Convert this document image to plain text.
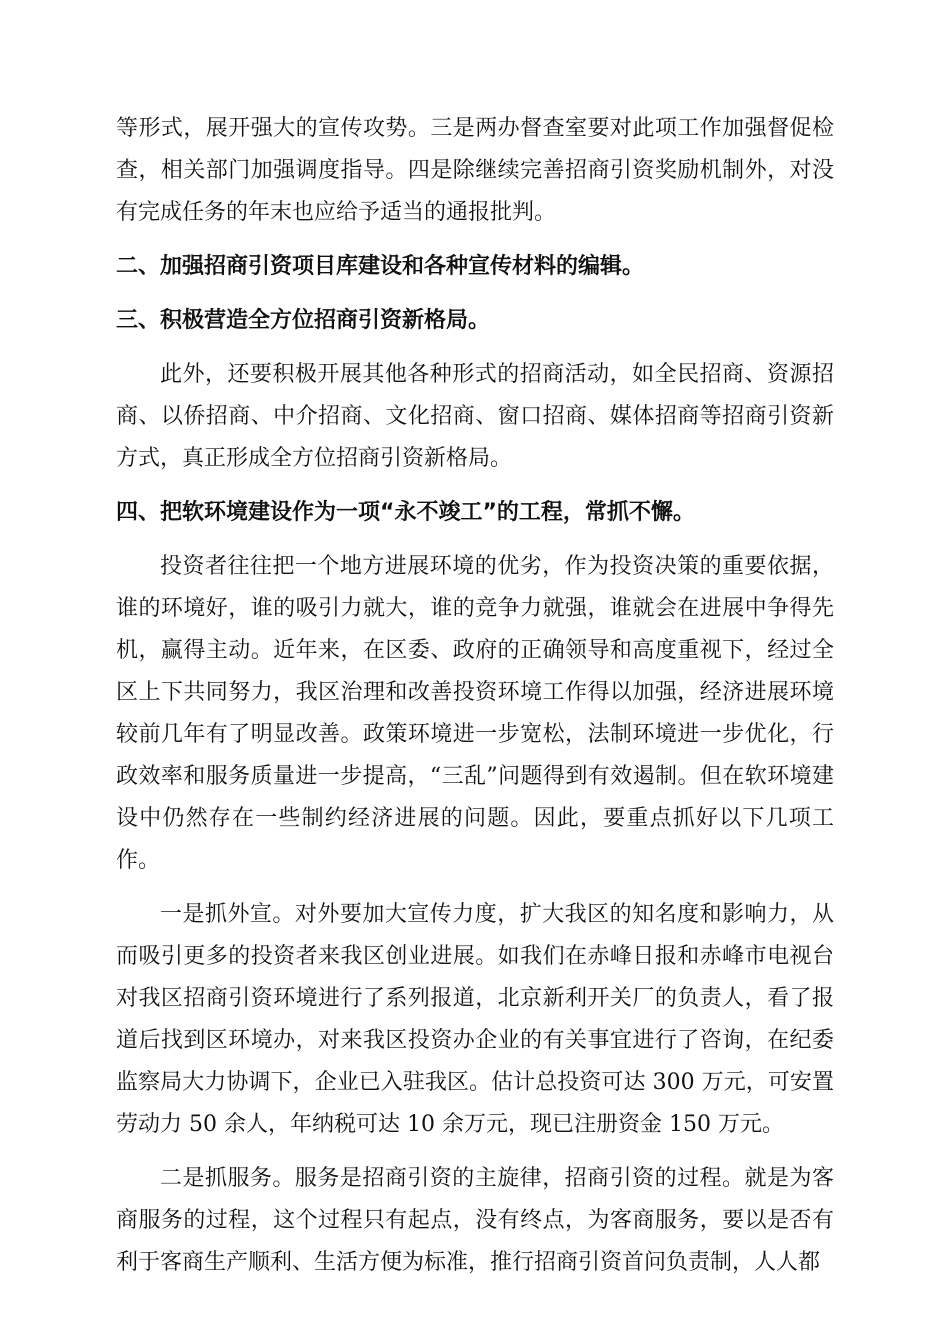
等形式，展开强大的宣传攻势。三是两办督查室要对此项工作加强督促检查，相关部门加强调度指导。四是除继续完善招商引资奖励机制外，对没有完成任务的年末也应给予适当的通报批判。

二、加强招商引资项目库建设和各种宣传材料的编辑。

三、积极营造全方位招商引资新格局。

此外，还要积极开展其他各种形式的招商活动，如全民招商、资源招商、以侨招商、中介招商、文化招商、窗口招商、媒体招商等招商引资新方式，真正形成全方位招商引资新格局。

四、把软环境建设作为一项“永不竣工”的工程，常抓不懈。

投资者往往把一个地方进展环境的优劣，作为投资决策的重要依据，谁的环境好，谁的吸引力就大，谁的竞争力就强，谁就会在进展中争得先机，赢得主动。近年来，在区委、政府的正确领导和高度重视下，经过全区上下共同努力，我区治理和改善投资环境工作得以加强，经济进展环境较前几年有了明显改善。政策环境进一步宽松，法制环境进一步优化，行政效率和服务质量进一步提高，“三乱”问题得到有效遏制。但在软环境建设中仍然存在一些制约经济进展的问题。因此，要重点抓好以下几项工作。

一是抓外宣。对外要加大宣传力度，扩大我区的知名度和影响力，从而吸引更多的投资者来我区创业进展。如我们在赤峰日报和赤峰市电视台对我区招商引资环境进行了系列报道，北京新利开关厂的负责人，看了报道后找到区环境办，对来我区投资办企业的有关事宜进行了咨询，在纪委监察局大力协调下，企业已入驻我区。估计总投资可达 300 万元，可安置劳动力 50 余人，年纳税可达 10 余万元，现已注册资金 150 万元。

二是抓服务。服务是招商引资的主旋律，招商引资的过程。就是为客商服务的过程，这个过程只有起点，没有终点，为客商服务，要以是否有利于客商生产顺利、生活方便为标准，推行招商引资首问负责制，人人都
